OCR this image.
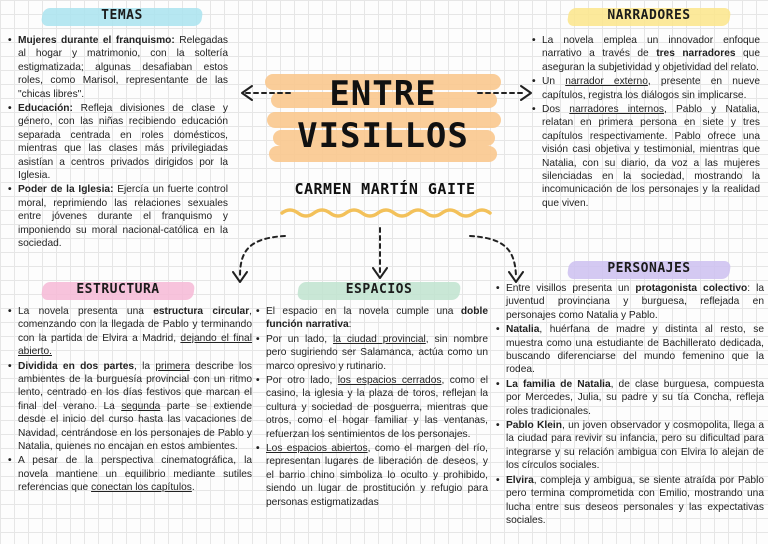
TEMAS	NARRADORES
ESTRUCTURA	ESPACIOS
PERSONAJES
ENTRE
VISILLOS
CARMEN MARTÍN GAITE
• Mujeres durante el franquismo: Relegadas al hogar y matrimonio, con la soltería estigmatizada; algunas desafiaban estos roles, como Marisol, representante de las "chicas libres".
• Educación: Refleja divisiones de clase y género, con las niñas recibiendo educación separada centrada en roles domésticos, mientras que las clases más privilegiadas asistían a centros privados dirigidos por la Iglesia.
• Poder de la Iglesia: Ejercía un fuerte control moral, reprimiendo las relaciones sexuales entre jóvenes durante el franquismo y imponiendo su moral nacional-católica en la sociedad.
• La novela emplea un innovador enfoque narrativo a través de tres narradores que aseguran la subjetividad y objetividad del relato.
• Un narrador externo, presente en nueve capítulos, registra los diálogos sin implicarse.
• Dos narradores internos, Pablo y Natalia, relatan en primera persona en siete y tres capítulos respectivamente. Pablo ofrece una visión casi objetiva y testimonial, mientras que Natalia, con su diario, da voz a las mujeres silenciadas en la sociedad, mostrando la incomunicación de los personajes y la realidad que viven.
• La novela presenta una estructura circular, comenzando con la llegada de Pablo y terminando con la partida de Elvira a Madrid, dejando el final abierto.
• Dividida en dos partes, la primera describe los ambientes de la burguesía provincial con un ritmo lento, centrado en los días festivos que marcan el final del verano. La segunda parte se extiende desde el inicio del curso hasta las vacaciones de Navidad, centrándose en los personajes de Pablo y Natalia, quienes no encajan en estos ambientes.
• A pesar de la perspectiva cinematográfica, la novela mantiene un equilibrio mediante sutiles referencias que conectan los capítulos.
• El espacio en la novela cumple una doble función narrativa:
• Por un lado, la ciudad provincial, sin nombre pero sugiriendo ser Salamanca, actúa como un marco opresivo y rutinario.
• Por otro lado, los espacios cerrados, como el casino, la iglesia y la plaza de toros, reflejan la cultura y sociedad de posguerra, mientras que otros, como el hogar familiar y las ventanas, refuerzan los sentimientos de los personajes.
• Los espacios abiertos, como el margen del río, representan lugares de liberación de deseos, y el barrio chino simboliza lo oculto y prohibido, siendo un lugar de prostitución y refugio para personas estigmatizadas
• Entre visillos presenta un protagonista colectivo: la juventud provinciana y burguesa, reflejada en personajes como Natalia y Pablo.
• Natalia, huérfana de madre y distinta al resto, se muestra como una estudiante de Bachillerato dedicada, buscando diferenciarse del mundo femenino que la rodea.
• La familia de Natalia, de clase burguesa, compuesta por Mercedes, Julia, su padre y su tía Concha, refleja roles tradicionales.
• Pablo Klein, un joven observador y cosmopolita, llega a la ciudad para revivir su infancia, pero su dificultad para integrarse y su relación ambigua con Elvira lo alejan de los círculos sociales.
• Elvira, compleja y ambigua, se siente atraída por Pablo pero termina comprometida con Emilio, mostrando una lucha entre sus deseos personales y las expectativas sociales.
